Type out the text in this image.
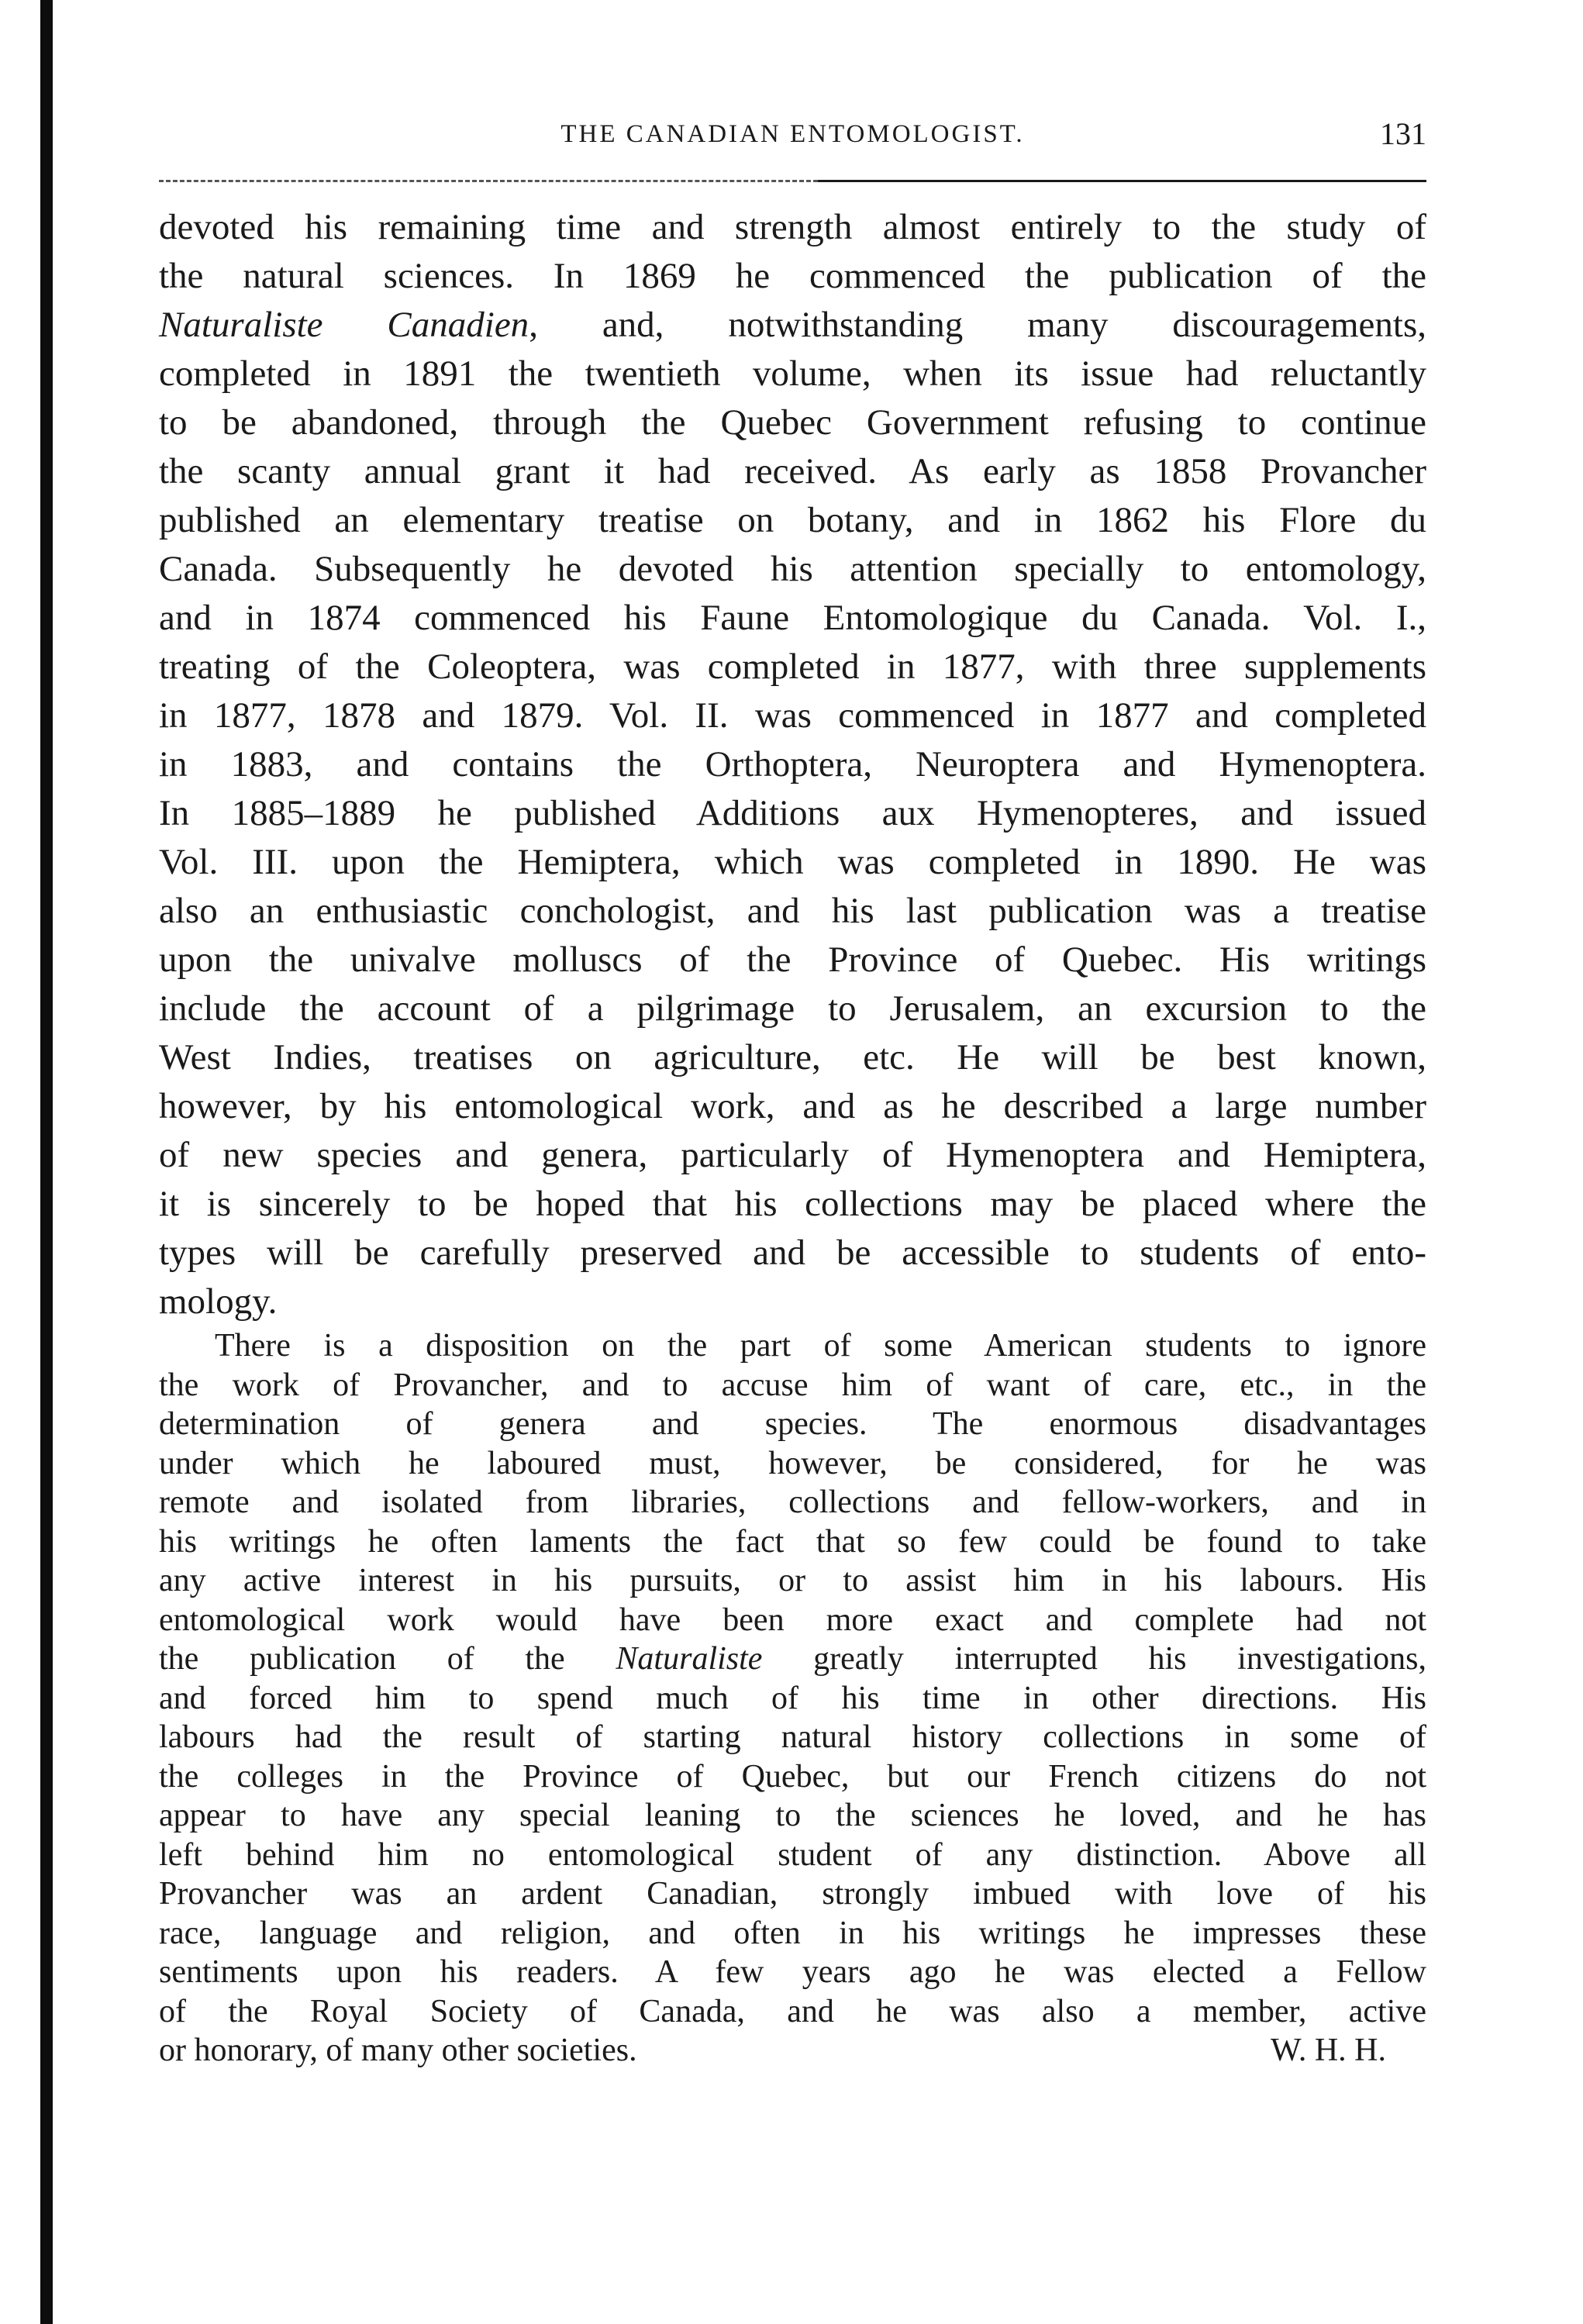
THE CANADIAN ENTOMOLOGIST.	131
devoted his remaining time and strength almost entirely to the study of
the natural sciences. In 1869 he commenced the publication of the
Naturaliste Canadien, and, notwithstanding many discouragements,
completed in 1891 the twentieth volume, when its issue had reluctantly
to be abandoned, through the Quebec Government refusing to continue
the scanty annual grant it had received. As early as 1858 Provancher
published an elementary treatise on botany, and in 1862 his Flore du
Canada. Subsequently he devoted his attention specially to entomology,
and in 1874 commenced his Faune Entomologique du Canada. Vol. I.,
treating of the Coleoptera, was completed in 1877, with three supplements
in 1877, 1878 and 1879. Vol. II. was commenced in 1877 and completed
in 1883, and contains the Orthoptera, Neuroptera and Hymenoptera.
In 1885–1889 he published Additions aux Hymenopteres, and issued
Vol. III. upon the Hemiptera, which was completed in 1890. He was
also an enthusiastic conchologist, and his last publication was a treatise
upon the univalve molluscs of the Province of Quebec. His writings
include the account of a pilgrimage to Jerusalem, an excursion to the
West Indies, treatises on agriculture, etc. He will be best known,
however, by his entomological work, and as he described a large number
of new species and genera, particularly of Hymenoptera and Hemiptera,
it is sincerely to be hoped that his collections may be placed where the
types will be carefully preserved and be accessible to students of ento-
mology.
There is a disposition on the part of some American students to ignore
the work of Provancher, and to accuse him of want of care, etc., in the
determination of genera and species. The enormous disadvantages
under which he laboured must, however, be considered, for he was
remote and isolated from libraries, collections and fellow-workers, and in
his writings he often laments the fact that so few could be found to take
any active interest in his pursuits, or to assist him in his labours. His
entomological work would have been more exact and complete had not
the publication of the Naturaliste greatly interrupted his investigations,
and forced him to spend much of his time in other directions. His
labours had the result of starting natural history collections in some of
the colleges in the Province of Quebec, but our French citizens do not
appear to have any special leaning to the sciences he loved, and he has
left behind him no entomological student of any distinction. Above all
Provancher was an ardent Canadian, strongly imbued with love of his
race, language and religion, and often in his writings he impresses these
sentiments upon his readers. A few years ago he was elected a Fellow
of the Royal Society of Canada, and he was also a member, active
or honorary, of many other societies.	W. H. H.
